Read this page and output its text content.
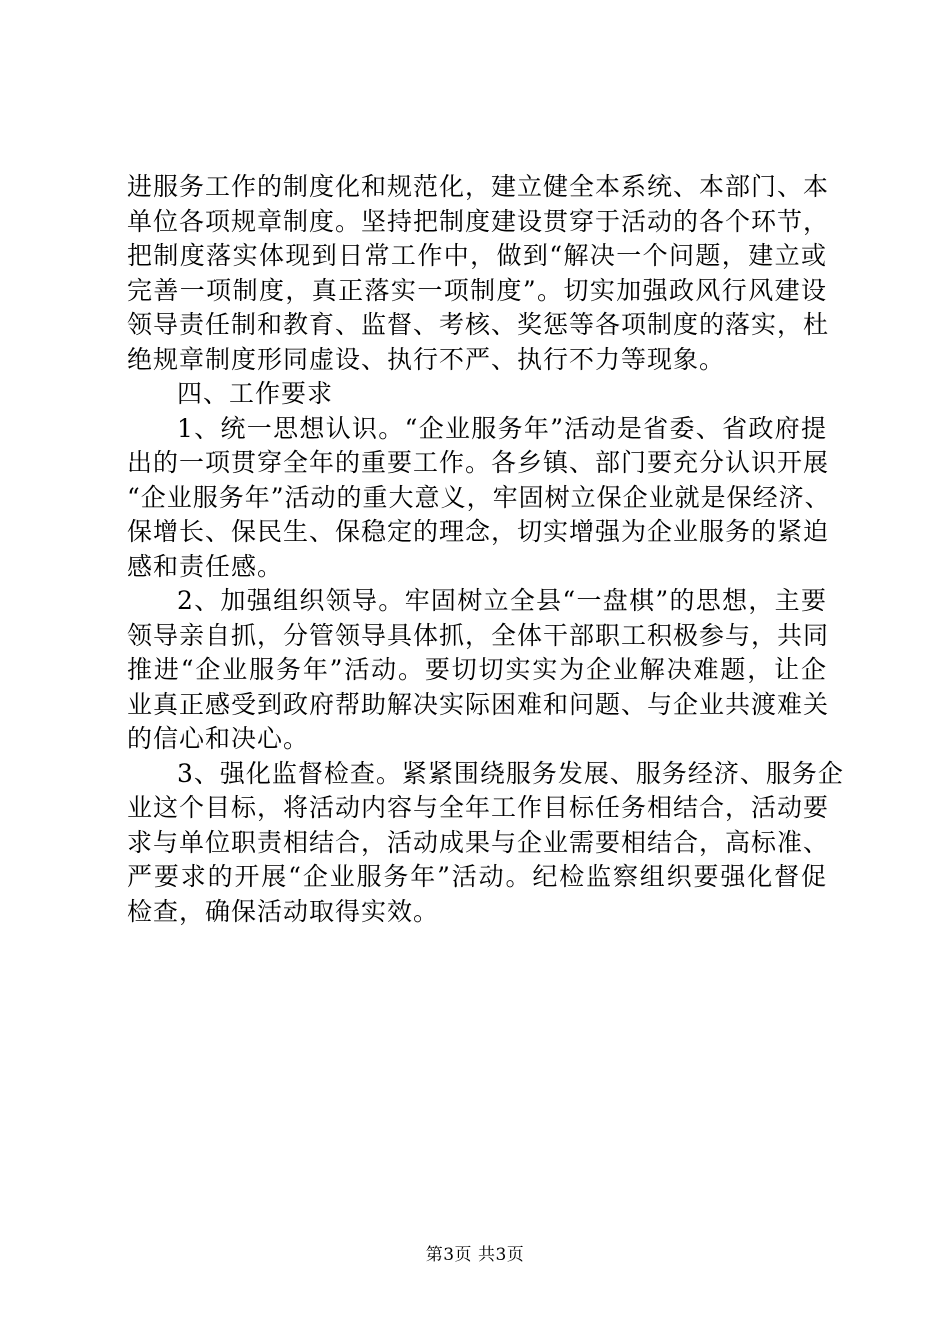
进服务工作的制度化和规范化，建立健全本系统、本部门、本
单位各项规章制度。坚持把制度建设贯穿于活动的各个环节，
把制度落实体现到日常工作中，做到“解决一个问题，建立或
完善一项制度，真正落实一项制度”。切实加强政风行风建设
领导责任制和教育、监督、考核、奖惩等各项制度的落实，杜
绝规章制度形同虚设、执行不严、执行不力等现象。
四、工作要求
1、统一思想认识。“企业服务年”活动是省委、省政府提
出的一项贯穿全年的重要工作。各乡镇、部门要充分认识开展
“企业服务年”活动的重大意义，牢固树立保企业就是保经济、
保增长、保民生、保稳定的理念，切实增强为企业服务的紧迫
感和责任感。
2、加强组织领导。牢固树立全县“一盘棋”的思想，主要
领导亲自抓，分管领导具体抓，全体干部职工积极参与，共同
推进“企业服务年”活动。要切切实实为企业解决难题，让企
业真正感受到政府帮助解决实际困难和问题、与企业共渡难关
的信心和决心。
3、强化监督检查。紧紧围绕服务发展、服务经济、服务企
业这个目标，将活动内容与全年工作目标任务相结合，活动要
求与单位职责相结合，活动成果与企业需要相结合，高标准、
严要求的开展“企业服务年”活动。纪检监察组织要强化督促
检查，确保活动取得实效。
第3页 共3页
